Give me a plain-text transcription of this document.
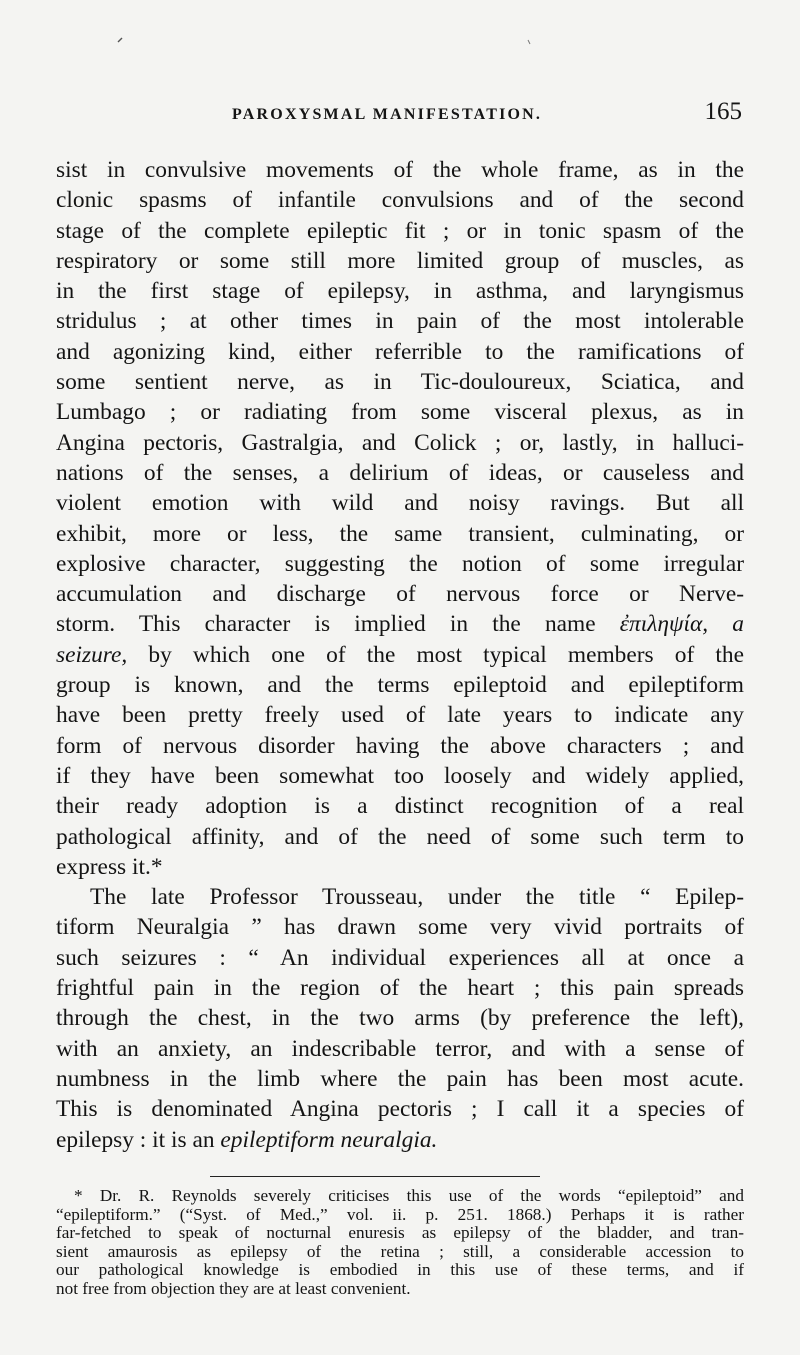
PAROXYSMAL MANIFESTATION.	165
sist in convulsive movements of the whole frame, as in the
clonic spasms of infantile convulsions and of the second
stage of the complete epileptic fit ; or in tonic spasm of the
respiratory or some still more limited group of muscles, as
in the first stage of epilepsy, in asthma, and laryngismus
stridulus ; at other times in pain of the most intolerable
and agonizing kind, either referrible to the ramifications of
some sentient nerve, as in Tic-douloureux, Sciatica, and
Lumbago ; or radiating from some visceral plexus, as in
Angina pectoris, Gastralgia, and Colick ; or, lastly, in halluci-
nations of the senses, a delirium of ideas, or causeless and
violent emotion with wild and noisy ravings. But all
exhibit, more or less, the same transient, culminating, or
explosive character, suggesting the notion of some irregular
accumulation and discharge of nervous force or Nerve-
storm. This character is implied in the name ἐπιληψία, a
seizure, by which one of the most typical members of the
group is known, and the terms epileptoid and epileptiform
have been pretty freely used of late years to indicate any
form of nervous disorder having the above characters ; and
if they have been somewhat too loosely and widely applied,
their ready adoption is a distinct recognition of a real
pathological affinity, and of the need of some such term to
express it.*
The late Professor Trousseau, under the title “ Epilep-
tiform Neuralgia ” has drawn some very vivid portraits of
such seizures : “ An individual experiences all at once a
frightful pain in the region of the heart ; this pain spreads
through the chest, in the two arms (by preference the left),
with an anxiety, an indescribable terror, and with a sense of
numbness in the limb where the pain has been most acute.
This is denominated Angina pectoris ; I call it a species of
epilepsy : it is an epileptiform neuralgia.
* Dr. R. Reynolds severely criticises this use of the words “epileptoid” and
“epileptiform.” (“Syst. of Med.,” vol. ii. p. 251. 1868.) Perhaps it is rather
far-fetched to speak of nocturnal enuresis as epilepsy of the bladder, and tran-
sient amaurosis as epilepsy of the retina ; still, a considerable accession to
our pathological knowledge is embodied in this use of these terms, and if
not free from objection they are at least convenient.
